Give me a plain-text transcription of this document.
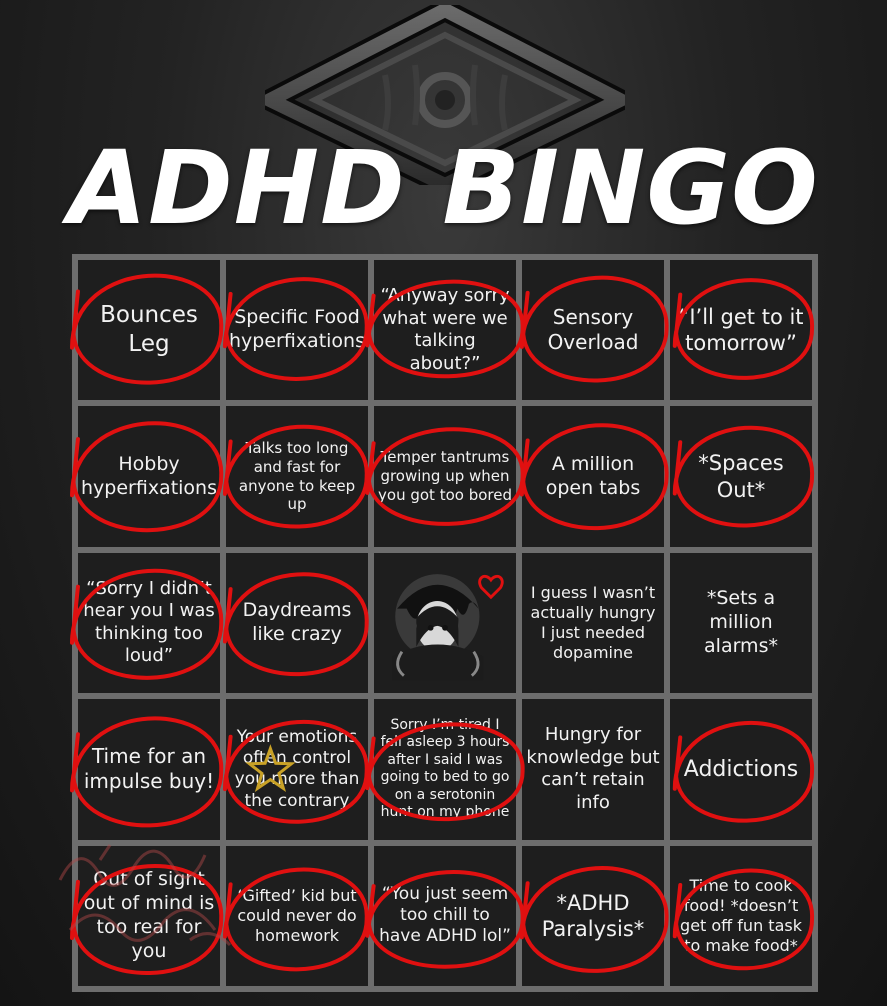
ADHD BINGO
Bounces Leg
Specific Food hyperfixations
“Anyway sorry what were we talking about?”
Sensory Overload
“I’ll get to it tomorrow”
Hobby hyperfixations
Talks too long and fast for anyone to keep up
Temper tantrums growing up when you got too bored
A million open tabs
*Spaces Out*
“Sorry I didn’t hear you I was thinking too loud”
Daydreams like crazy
I guess I wasn’t actually hungry I just needed dopamine
*Sets a million alarms*
Time for an impulse buy!
Your emotions often control you more than the contrary
Sorry I’m tired I fell asleep 3 hours after I said I was going to bed to go on a serotonin hunt on my phone
Hungry for knowledge but can’t retain info
Addictions
Out of sight out of mind is too real for you
‘Gifted’ kid but could never do homework
“You just seem too chill to have ADHD lol”
*ADHD Paralysis*
Time to cook food! *doesn’t get off fun task to make food*
